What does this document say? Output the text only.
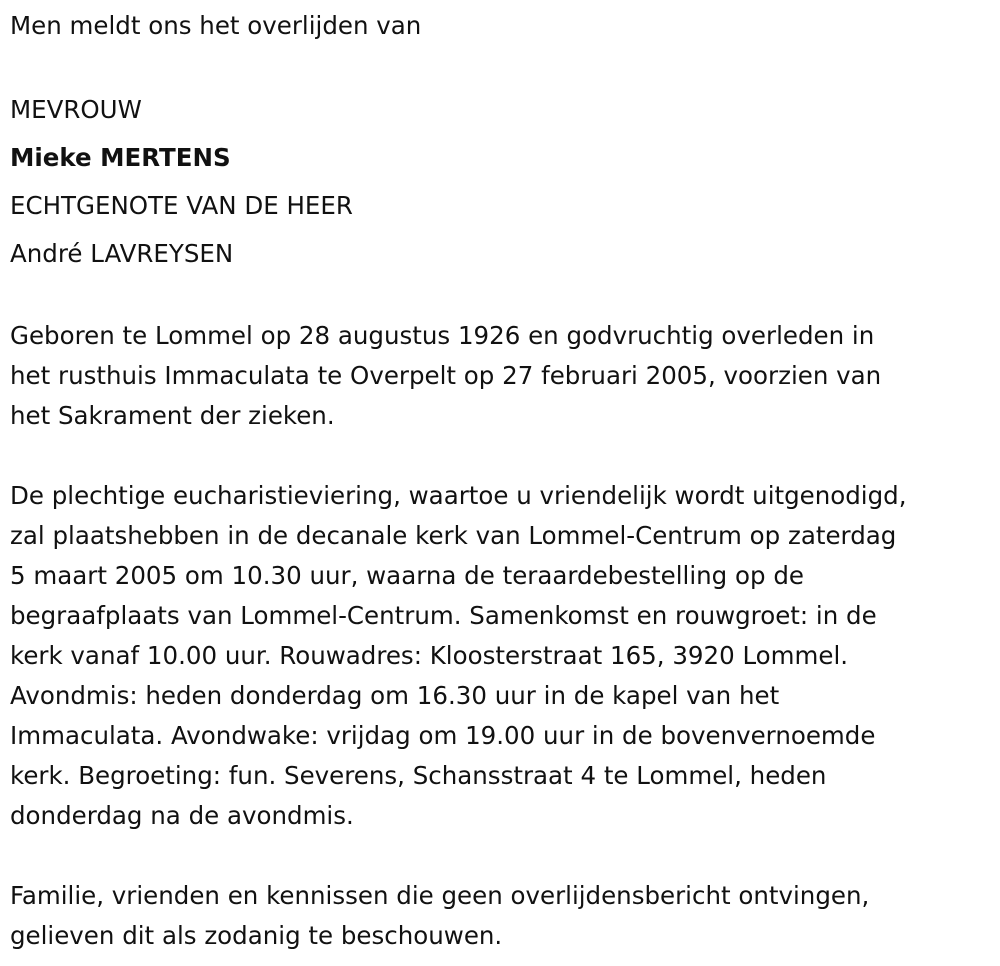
Men meldt ons het overlijden van

MEVROUW

Mieke MERTENS

ECHTGENOTE VAN DE HEER

André LAVREYSEN

Geboren te Lommel op 28 augustus 1926 en godvruchtig overleden in

het rusthuis Immaculata te Overpelt op 27 februari 2005, voorzien van

het Sakrament der zieken.

De plechtige eucharistieviering, waartoe u vriendelijk wordt uitgenodigd,

zal plaatshebben in de decanale kerk van Lommel-Centrum op zaterdag

5 maart 2005 om 10.30 uur, waarna de teraardebestelling op de

begraafplaats van Lommel-Centrum. Samenkomst en rouwgroet: in de

kerk vanaf 10.00 uur. Rouwadres: Kloosterstraat 165, 3920 Lommel.

Avondmis: heden donderdag om 16.30 uur in de kapel van het

Immaculata. Avondwake: vrijdag om 19.00 uur in de bovenvernoemde

kerk. Begroeting: fun. Severens, Schansstraat 4 te Lommel, heden

donderdag na de avondmis.

Familie, vrienden en kennissen die geen overlijdensbericht ontvingen,

gelieven dit als zodanig te beschouwen.
